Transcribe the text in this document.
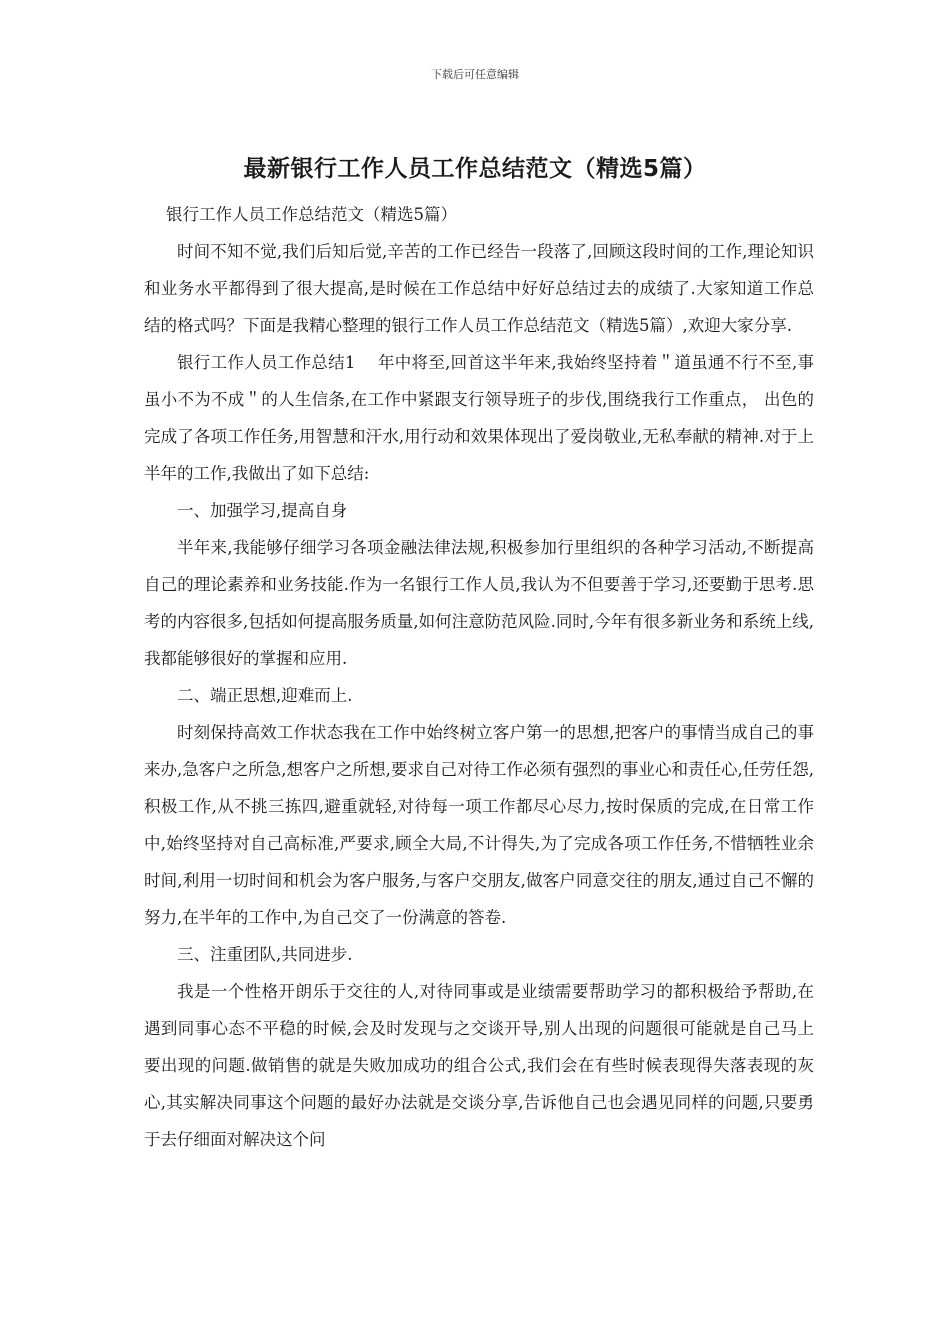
下载后可任意编辑
最新银行工作人员工作总结范文（精选5篇）

银行工作人员工作总结范文（精选5篇）

时间不知不觉,我们后知后觉,辛苦的工作已经告一段落了,回顾这段时间的工作,理论知识和业务水平都得到了很大提高,是时候在工作总结中好好总结过去的成绩了.大家知道工作总结的格式吗？下面是我精心整理的银行工作人员工作总结范文（精选5篇）,欢迎大家分享.

银行工作人员工作总结1　 年中将至,回首这半年来,我始终坚持着＂道虽通不行不至,事虽小不为不成＂的人生信条,在工作中紧跟支行领导班子的步伐,围绕我行工作重点， 出色的完成了各项工作任务,用智慧和汗水,用行动和效果体现出了爱岗敬业,无私奉献的精神.对于上半年的工作,我做出了如下总结:

一、加强学习,提高自身

半年来,我能够仔细学习各项金融法律法规,积极参加行里组织的各种学习活动,不断提高自己的理论素养和业务技能.作为一名银行工作人员,我认为不但要善于学习,还要勤于思考.思考的内容很多,包括如何提高服务质量,如何注意防范风险.同时,今年有很多新业务和系统上线,我都能够很好的掌握和应用.

二、端正思想,迎难而上.

时刻保持高效工作状态我在工作中始终树立客户第一的思想,把客户的事情当成自己的事来办,急客户之所急,想客户之所想,要求自己对待工作必须有强烈的事业心和责任心,任劳任怨,积极工作,从不挑三拣四,避重就轻,对待每一项工作都尽心尽力,按时保质的完成,在日常工作中,始终坚持对自己高标准,严要求,顾全大局,不计得失,为了完成各项工作任务,不惜牺牲业余时间,利用一切时间和机会为客户服务,与客户交朋友,做客户同意交往的朋友,通过自己不懈的努力,在半年的工作中,为自己交了一份满意的答卷.

三、注重团队,共同进步.

我是一个性格开朗乐于交往的人,对待同事或是业绩需要帮助学习的都积极给予帮助,在遇到同事心态不平稳的时候,会及时发现与之交谈开导,别人出现的问题很可能就是自己马上要出现的问题.做销售的就是失败加成功的组合公式,我们会在有些时候表现得失落表现的灰心,其实解决同事这个问题的最好办法就是交谈分享,告诉他自己也会遇见同样的问题,只要勇于去仔细面对解决这个问
